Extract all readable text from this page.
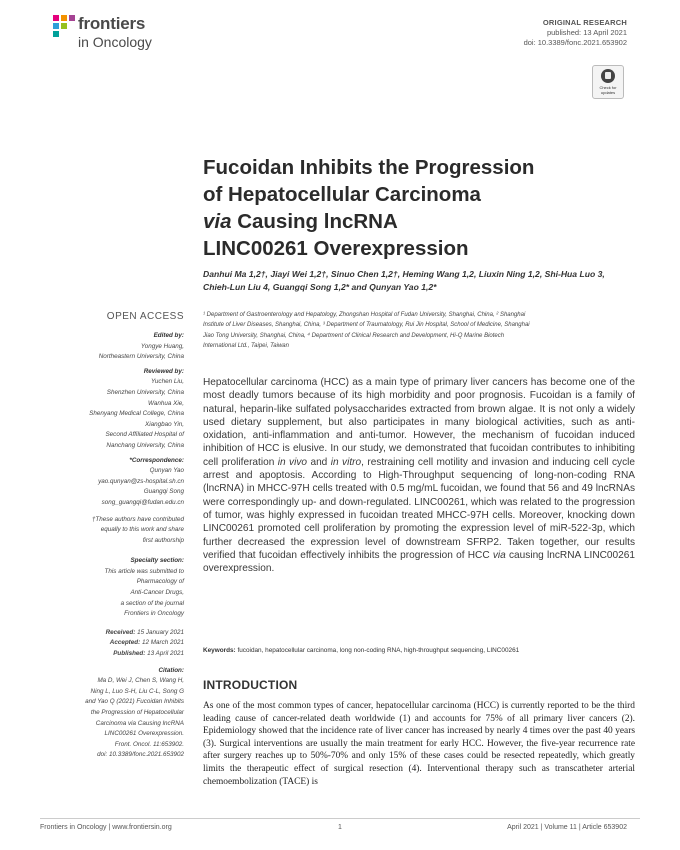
frontiers
in Oncology
ORIGINAL RESEARCH
published: 13 April 2021
doi: 10.3389/fonc.2021.653902
Check for
updates
Fucoidan Inhibits the Progression
of Hepatocellular Carcinoma
via Causing lncRNA
LINC00261 Overexpression
Danhui Ma 1,2†, Jiayi Wei 1,2†, Sinuo Chen 1,2†, Heming Wang 1,2, Liuxin Ning 1,2, Shi-Hua Luo 3,
Chieh-Lun Liu 4, Guangqi Song 1,2* and Qunyan Yao 1,2*
¹ Department of Gastroenterology and Hepatology, Zhongshan Hospital of Fudan University, Shanghai, China, ² Shanghai
Institute of Liver Diseases, Shanghai, China, ³ Department of Traumatology, Rui Jin Hospital, School of Medicine, Shanghai
Jiao Tong University, Shanghai, China, ⁴ Department of Clinical Research and Development, Hi-Q Marine Biotech
International Ltd., Taipei, Taiwan
OPEN ACCESS
Edited by:
Yongye Huang,
Northeastern University, China
Reviewed by:
Yuchen Liu,
Shenzhen University, China
Wanhua Xie,
Shenyang Medical College, China
Xiangbao Yin,
Second Affiliated Hospital of
Nanchang University, China
*Correspondence:
Qunyan Yao
yao.qunyan@zs-hospital.sh.cn
Guangqi Song
song_guangqi@fudan.edu.cn
†These authors have contributed
equally to this work and share
first authorship
Specialty section:
This article was submitted to
Pharmacology of
Anti-Cancer Drugs,
a section of the journal
Frontiers in Oncology
Received: 15 January 2021
Accepted: 12 March 2021
Published: 13 April 2021
Citation:
Ma D, Wei J, Chen S, Wang H,
Ning L, Luo S-H, Liu C-L, Song G
and Yao Q (2021) Fucoidan Inhibits
the Progression of Hepatocellular
Carcinoma via Causing lncRNA
LINC00261 Overexpression.
Front. Oncol. 11:653902.
doi: 10.3389/fonc.2021.653902
Hepatocellular carcinoma (HCC) as a main type of primary liver cancers has become one of the most deadly tumors because of its high morbidity and poor prognosis. Fucoidan is a family of natural, heparin-like sulfated polysaccharides extracted from brown algae. It is not only a widely used dietary supplement, but also participates in many biological activities, such as anti-oxidation, anti-inflammation and anti-tumor. However, the mechanism of fucoidan induced inhibition of HCC is elusive. In our study, we demonstrated that fucoidan contributes to inhibiting cell proliferation in vivo and in vitro, restraining cell motility and invasion and inducing cell cycle arrest and apoptosis. According to High-Throughput sequencing of long-non-coding RNA (lncRNA) in MHCC-97H cells treated with 0.5 mg/mL fucoidan, we found that 56 and 49 lncRNAs were correspondingly up- and down-regulated. LINC00261, which was related to the progression of tumor, was highly expressed in fucoidan treated MHCC-97H cells. Moreover, knocking down LINC00261 promoted cell proliferation by promoting the expression level of miR-522-3p, which further decreased the expression level of downstream SFRP2. Taken together, our results verified that fucoidan effectively inhibits the progression of HCC via causing lncRNA LINC00261 overexpression.
Keywords: fucoidan, hepatocellular carcinoma, long non-coding RNA, high-throughput sequencing, LINC00261
INTRODUCTION
As one of the most common types of cancer, hepatocellular carcinoma (HCC) is currently reported to be the third leading cause of cancer-related death worldwide (1) and accounts for 75% of all primary liver cancers (2). Epidemiology showed that the incidence rate of liver cancer has increased by nearly 4 times over the past 40 years (3). Surgical interventions are usually the main treatment for early HCC. However, the five-year recurrence rate after surgery reaches up to 50%-70% and only 15% of these cases could be resected repeatedly, which greatly limits the therapeutic effect of surgical resection (4). Interventional therapy such as transcatheter arterial chemoembolization (TACE) is
Frontiers in Oncology | www.frontiersin.org	1	April 2021 | Volume 11 | Article 653902
